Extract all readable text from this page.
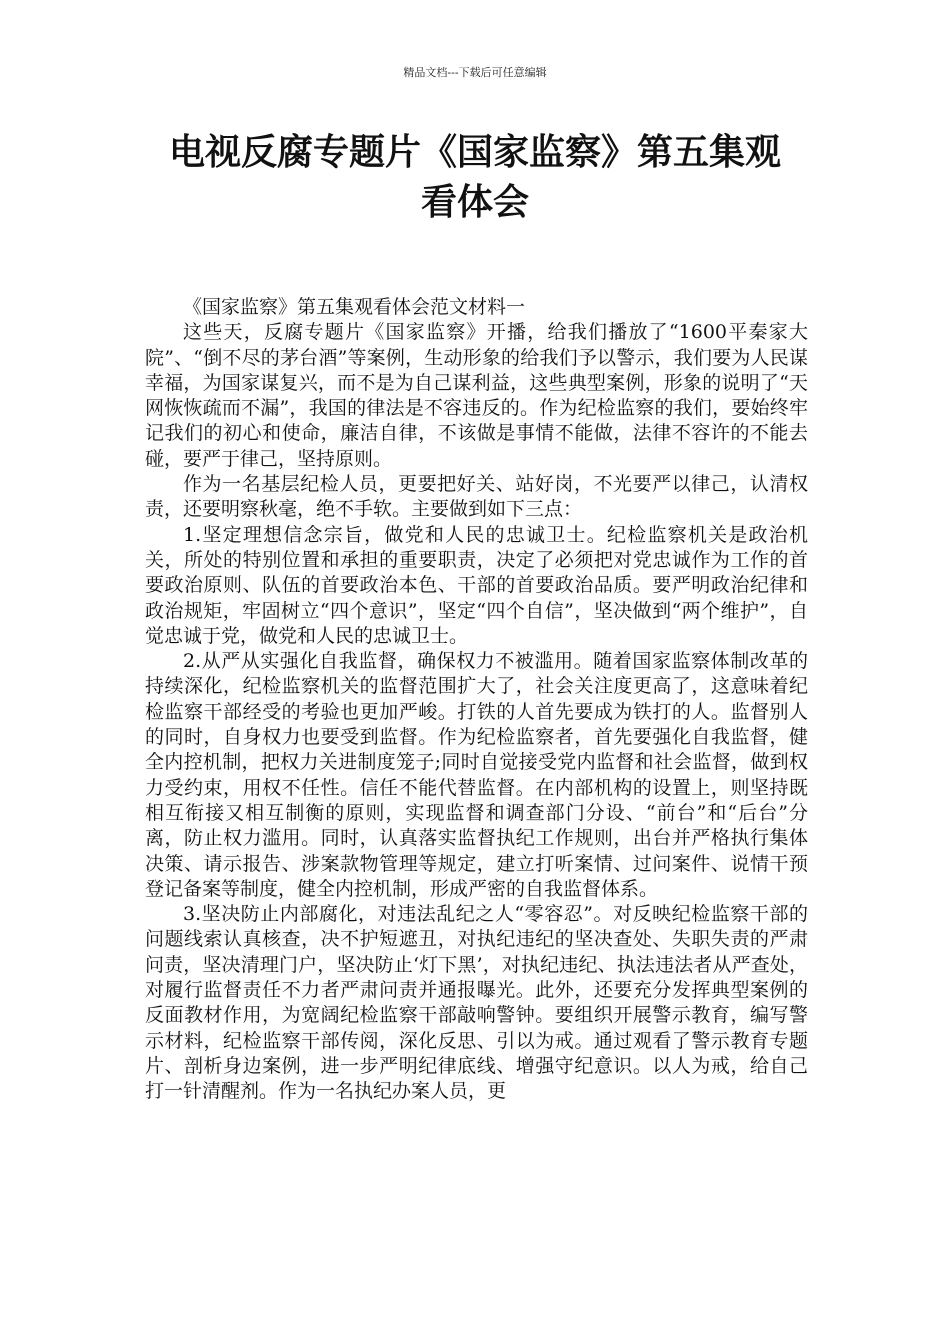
精品文档---下载后可任意编辑
电视反腐专题片《国家监察》第五集观
看体会

《国家监察》第五集观看体会范文材料一

这些天，反腐专题片《国家监察》开播，给我们播放了“1600平秦家大院”、“倒不尽的茅台酒”等案例，生动形象的给我们予以警示，我们要为人民谋幸福，为国家谋复兴，而不是为自己谋利益，这些典型案例，形象的说明了“天网恢恢疏而不漏”，我国的律法是不容违反的。作为纪检监察的我们，要始终牢记我们的初心和使命，廉洁自律，不该做是事情不能做，法律不容许的不能去碰，要严于律己，坚持原则。

作为一名基层纪检人员，更要把好关、站好岗，不光要严以律己，认清权责，还要明察秋毫，绝不手软。主要做到如下三点：

1.坚定理想信念宗旨，做党和人民的忠诚卫士。纪检监察机关是政治机关，所处的特别位置和承担的重要职责，决定了必须把对党忠诚作为工作的首要政治原则、队伍的首要政治本色、干部的首要政治品质。要严明政治纪律和政治规矩，牢固树立“四个意识”，坚定“四个自信”，坚决做到“两个维护”，自觉忠诚于党，做党和人民的忠诚卫士。

2.从严从实强化自我监督，确保权力不被滥用。随着国家监察体制改革的持续深化，纪检监察机关的监督范围扩大了，社会关注度更高了，这意味着纪检监察干部经受的考验也更加严峻。打铁的人首先要成为铁打的人。监督别人的同时，自身权力也要受到监督。作为纪检监察者，首先要强化自我监督，健全内控机制，把权力关进制度笼子;同时自觉接受党内监督和社会监督，做到权力受约束，用权不任性。信任不能代替监督。在内部机构的设置上，则坚持既相互衔接又相互制衡的原则，实现监督和调查部门分设、“前台”和“后台”分离，防止权力滥用。同时，认真落实监督执纪工作规则，出台并严格执行集体决策、请示报告、涉案款物管理等规定，建立打听案情、过问案件、说情干预登记备案等制度，健全内控机制，形成严密的自我监督体系。

3.坚决防止内部腐化，对违法乱纪之人“零容忍”。对反映纪检监察干部的问题线索认真核查，决不护短遮丑，对执纪违纪的坚决查处、失职失责的严肃问责，坚决清理门户，坚决防止‘灯下黑’，对执纪违纪、执法违法者从严查处，对履行监督责任不力者严肃问责并通报曝光。此外，还要充分发挥典型案例的反面教材作用，为宽阔纪检监察干部敲响警钟。要组织开展警示教育，编写警示材料，纪检监察干部传阅，深化反思、引以为戒。通过观看了警示教育专题片、剖析身边案例，进一步严明纪律底线、增强守纪意识。以人为戒，给自己打一针清醒剂。作为一名执纪办案人员，更
